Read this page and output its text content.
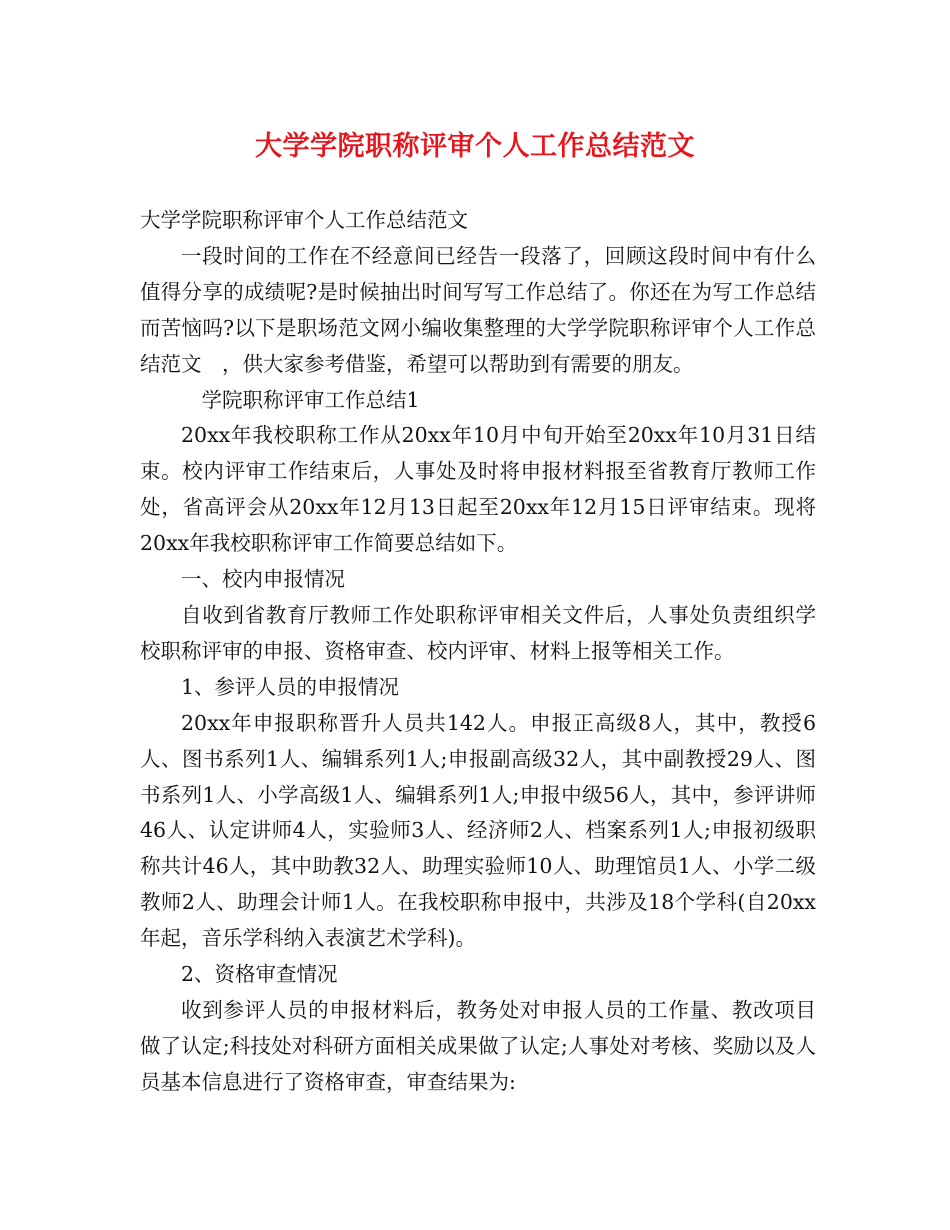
大学学院职称评审个人工作总结范文

大学学院职称评审个人工作总结范文

一段时间的工作在不经意间已经告一段落了，回顾这段时间中有什么值得分享的成绩呢?是时候抽出时间写写工作总结了。你还在为写工作总结而苦恼吗?以下是职场范文网小编收集整理的大学学院职称评审个人工作总结范文　，供大家参考借鉴，希望可以帮助到有需要的朋友。

学院职称评审工作总结1

20xx年我校职称工作从20xx年10月中旬开始至20xx年10月31日结束。校内评审工作结束后，人事处及时将申报材料报至省教育厅教师工作处，省高评会从20xx年12月13日起至20xx年12月15日评审结束。现将20xx年我校职称评审工作简要总结如下。

一、校内申报情况

自收到省教育厅教师工作处职称评审相关文件后，人事处负责组织学校职称评审的申报、资格审查、校内评审、材料上报等相关工作。

1、参评人员的申报情况

20xx年申报职称晋升人员共142人。申报正高级8人，其中，教授6人、图书系列1人、编辑系列1人;申报副高级32人，其中副教授29人、图书系列1人、小学高级1人、编辑系列1人;申报中级56人，其中，参评讲师46人、认定讲师4人，实验师3人、经济师2人、档案系列1人;申报初级职称共计46人，其中助教32人、助理实验师10人、助理馆员1人、小学二级教师2人、助理会计师1人。在我校职称申报中，共涉及18个学科(自20xx年起，音乐学科纳入表演艺术学科)。

2、资格审查情况

收到参评人员的申报材料后，教务处对申报人员的工作量、教改项目做了认定;科技处对科研方面相关成果做了认定;人事处对考核、奖励以及人员基本信息进行了资格审查，审查结果为:
